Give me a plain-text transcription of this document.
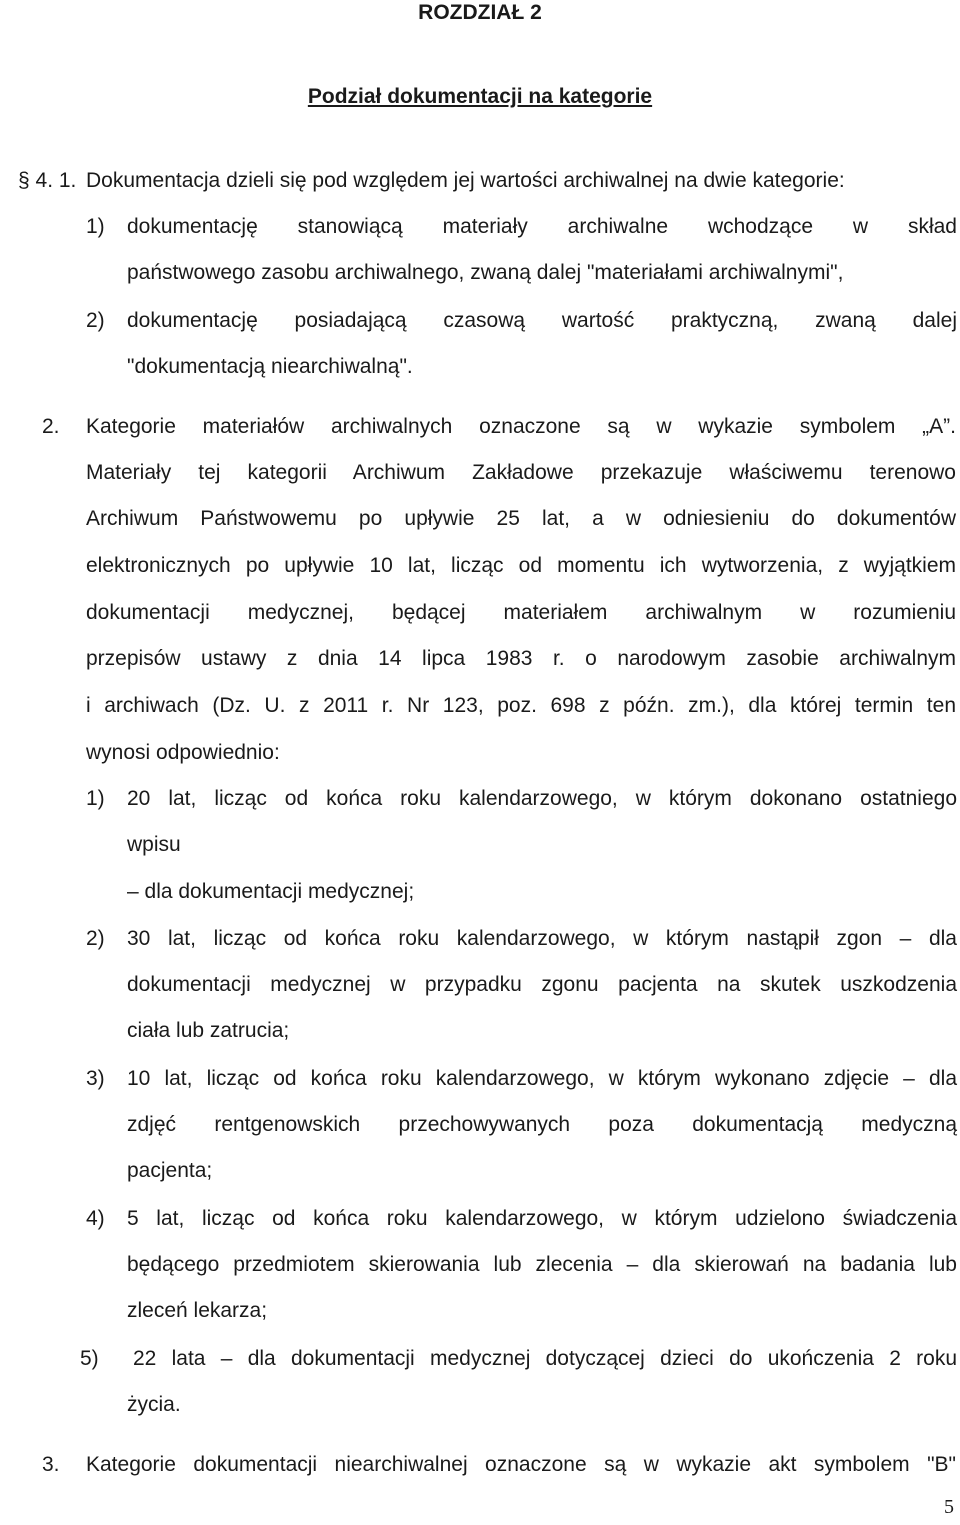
ROZDZIAŁ 2
Podział dokumentacji na kategorie
§ 4. 1. Dokumentacja dzieli się pod względem jej wartości archiwalnej na dwie kategorie:
1) dokumentację stanowiącą materiały archiwalne wchodzące w skład
państwowego zasobu archiwalnego, zwaną dalej "materiałami archiwalnymi",
2) dokumentację posiadającą czasową wartość praktyczną, zwaną dalej
"dokumentacją niearchiwalną".
2. Kategorie materiałów archiwalnych oznaczone są w wykazie symbolem „A”.
Materiały tej kategorii Archiwum Zakładowe przekazuje właściwemu terenowo
Archiwum Państwowemu po upływie 25 lat, a w odniesieniu do dokumentów
elektronicznych po upływie 10 lat, licząc od momentu ich wytworzenia, z wyjątkiem
dokumentacji medycznej, będącej materiałem archiwalnym w rozumieniu
przepisów ustawy z dnia 14 lipca 1983 r. o narodowym zasobie archiwalnym
i archiwach (Dz. U. z 2011 r. Nr 123, poz. 698 z późn. zm.), dla której termin ten
wynosi odpowiednio:
1) 20 lat, licząc od końca roku kalendarzowego, w którym dokonano ostatniego
wpisu
– dla dokumentacji medycznej;
2) 30 lat, licząc od końca roku kalendarzowego, w którym nastąpił zgon – dla
dokumentacji medycznej w przypadku zgonu pacjenta na skutek uszkodzenia
ciała lub zatrucia;
3) 10 lat, licząc od końca roku kalendarzowego, w którym wykonano zdjęcie – dla
zdjęć rentgenowskich przechowywanych poza dokumentacją medyczną
pacjenta;
4) 5 lat, licząc od końca roku kalendarzowego, w którym udzielono świadczenia
będącego przedmiotem skierowania lub zlecenia – dla skierowań na badania lub
zleceń lekarza;
5) 22 lata – dla dokumentacji medycznej dotyczącej dzieci do ukończenia 2 roku
życia.
3. Kategorie dokumentacji niearchiwalnej oznaczone są w wykazie akt symbolem "B"
5
